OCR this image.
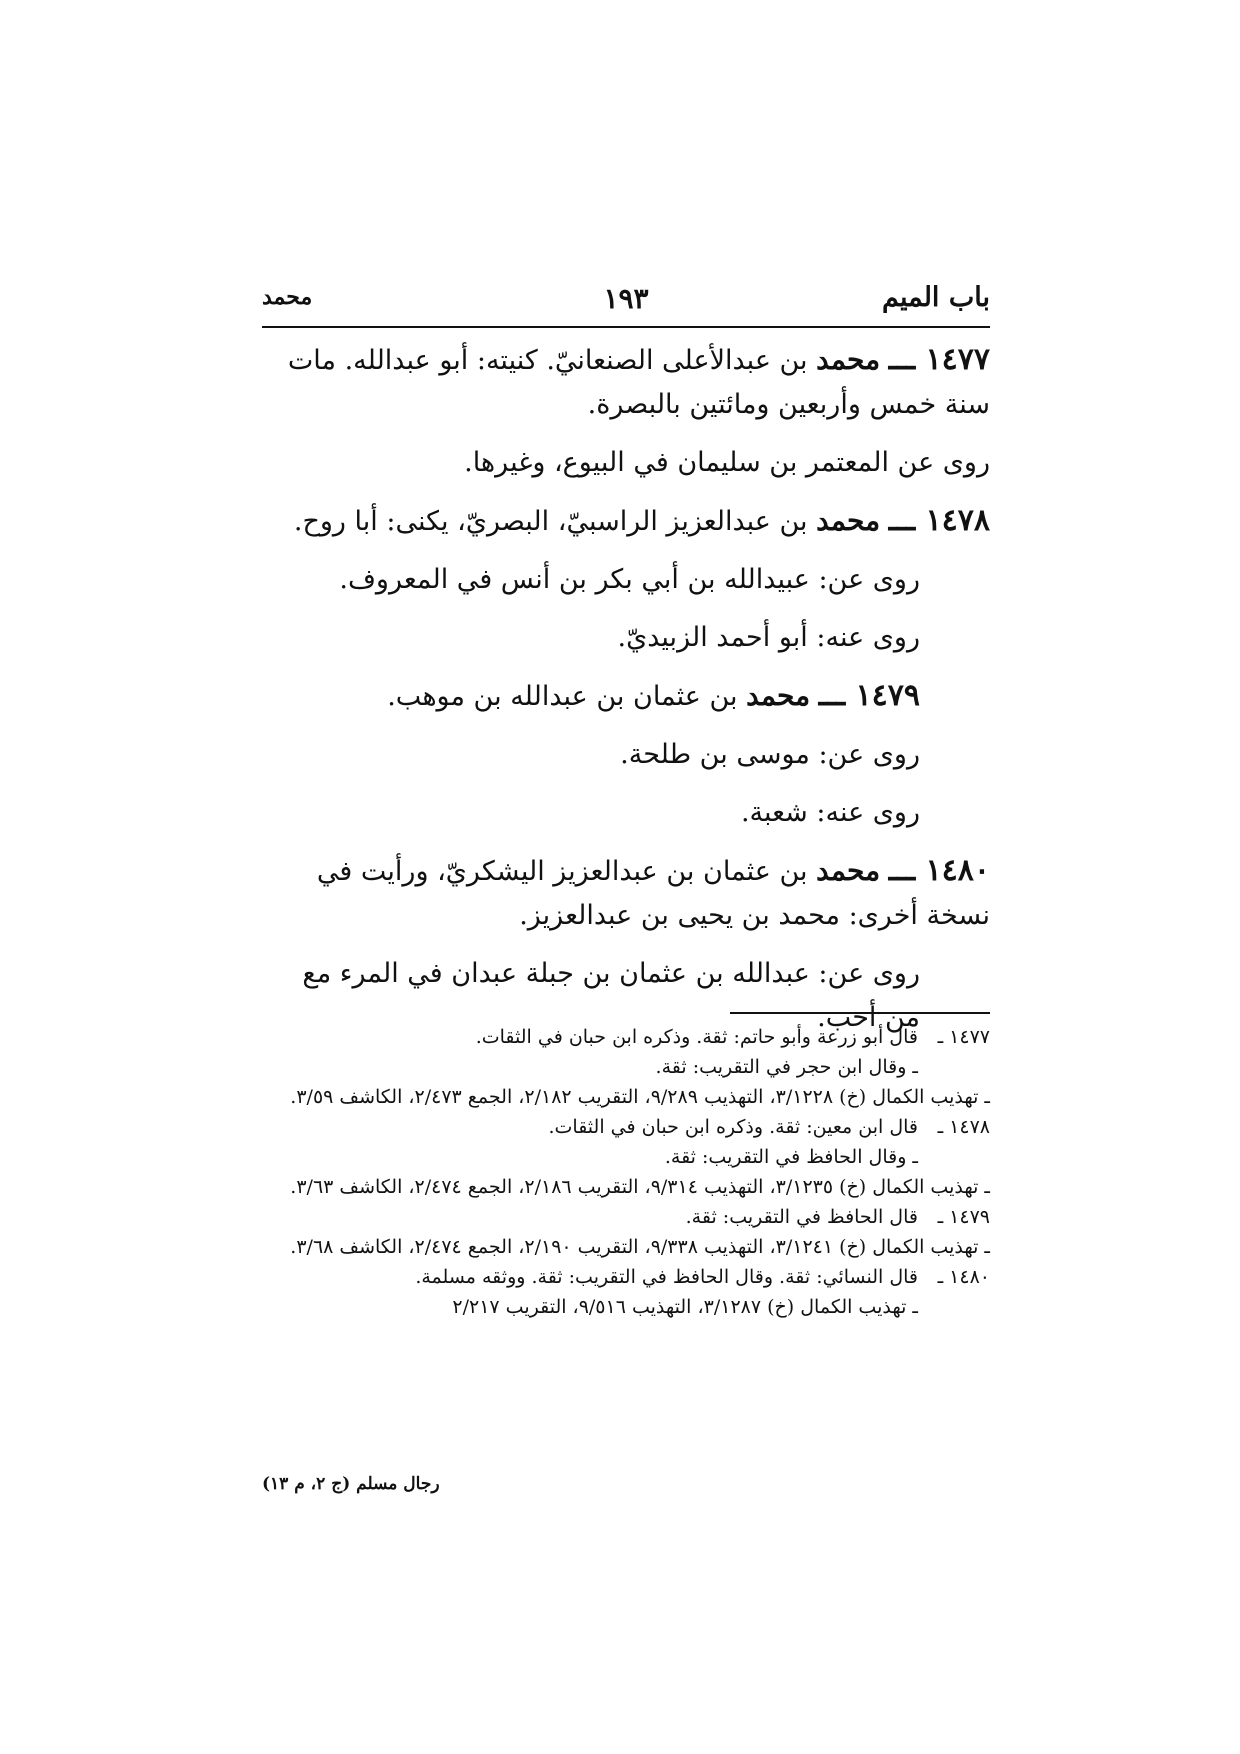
باب الميم
١٩٣
محمد

١٤٧٧ ـــ محمد بن عبدالأعلى الصنعانيّ. كنيته: أبو عبدالله. مات سنة خمس وأربعين ومائتين بالبصرة.

روى عن المعتمر بن سليمان في البيوع، وغيرها.

١٤٧٨ ـــ محمد بن عبدالعزيز الراسبيّ، البصريّ، يكنى: أبا روح.

روى عن: عبيدالله بن أبي بكر بن أنس في المعروف.

روى عنه: أبو أحمد الزبيديّ.

١٤٧٩ ـــ محمد بن عثمان بن عبدالله بن موهب.

روى عن: موسى بن طلحة.

روى عنه: شعبة.

١٤٨٠ ـــ محمد بن عثمان بن عبدالعزيز اليشكريّ، ورأيت في نسخة أخرى: محمد بن يحيى بن عبدالعزيز.

روى عن: عبدالله بن عثمان بن جبلة عبدان في المرء مع من أحب.

١٤٧٧ ـ
قال أبو زرعة وأبو حاتم: ثقة. وذكره ابن حبان في الثقات.
ـ وقال ابن حجر في التقريب: ثقة.
ـ تهذيب الكمال (خ) ٣/١٢٢٨، التهذيب ٩/٢٨٩، التقريب ٢/١٨٢، الجمع ٢/٤٧٣، الكاشف ٣/٥٩.
١٤٧٨ ـ
قال ابن معين: ثقة. وذكره ابن حبان في الثقات.
ـ وقال الحافظ في التقريب: ثقة.
ـ تهذيب الكمال (خ) ٣/١٢٣٥، التهذيب ٩/٣١٤، التقريب ٢/١٨٦، الجمع ٢/٤٧٤، الكاشف ٣/٦٣.
١٤٧٩ ـ
قال الحافظ في التقريب: ثقة.
ـ تهذيب الكمال (خ) ٣/١٢٤١، التهذيب ٩/٣٣٨، التقريب ٢/١٩٠، الجمع ٢/٤٧٤، الكاشف ٣/٦٨.
١٤٨٠ ـ
قال النسائي: ثقة. وقال الحافظ في التقريب: ثقة. ووثقه مسلمة.
ـ تهذيب الكمال (خ) ٣/١٢٨٧، التهذيب ٩/٥١٦، التقريب ٢/٢١٧
رجال مسلم (ج ٢، م ١٣)
